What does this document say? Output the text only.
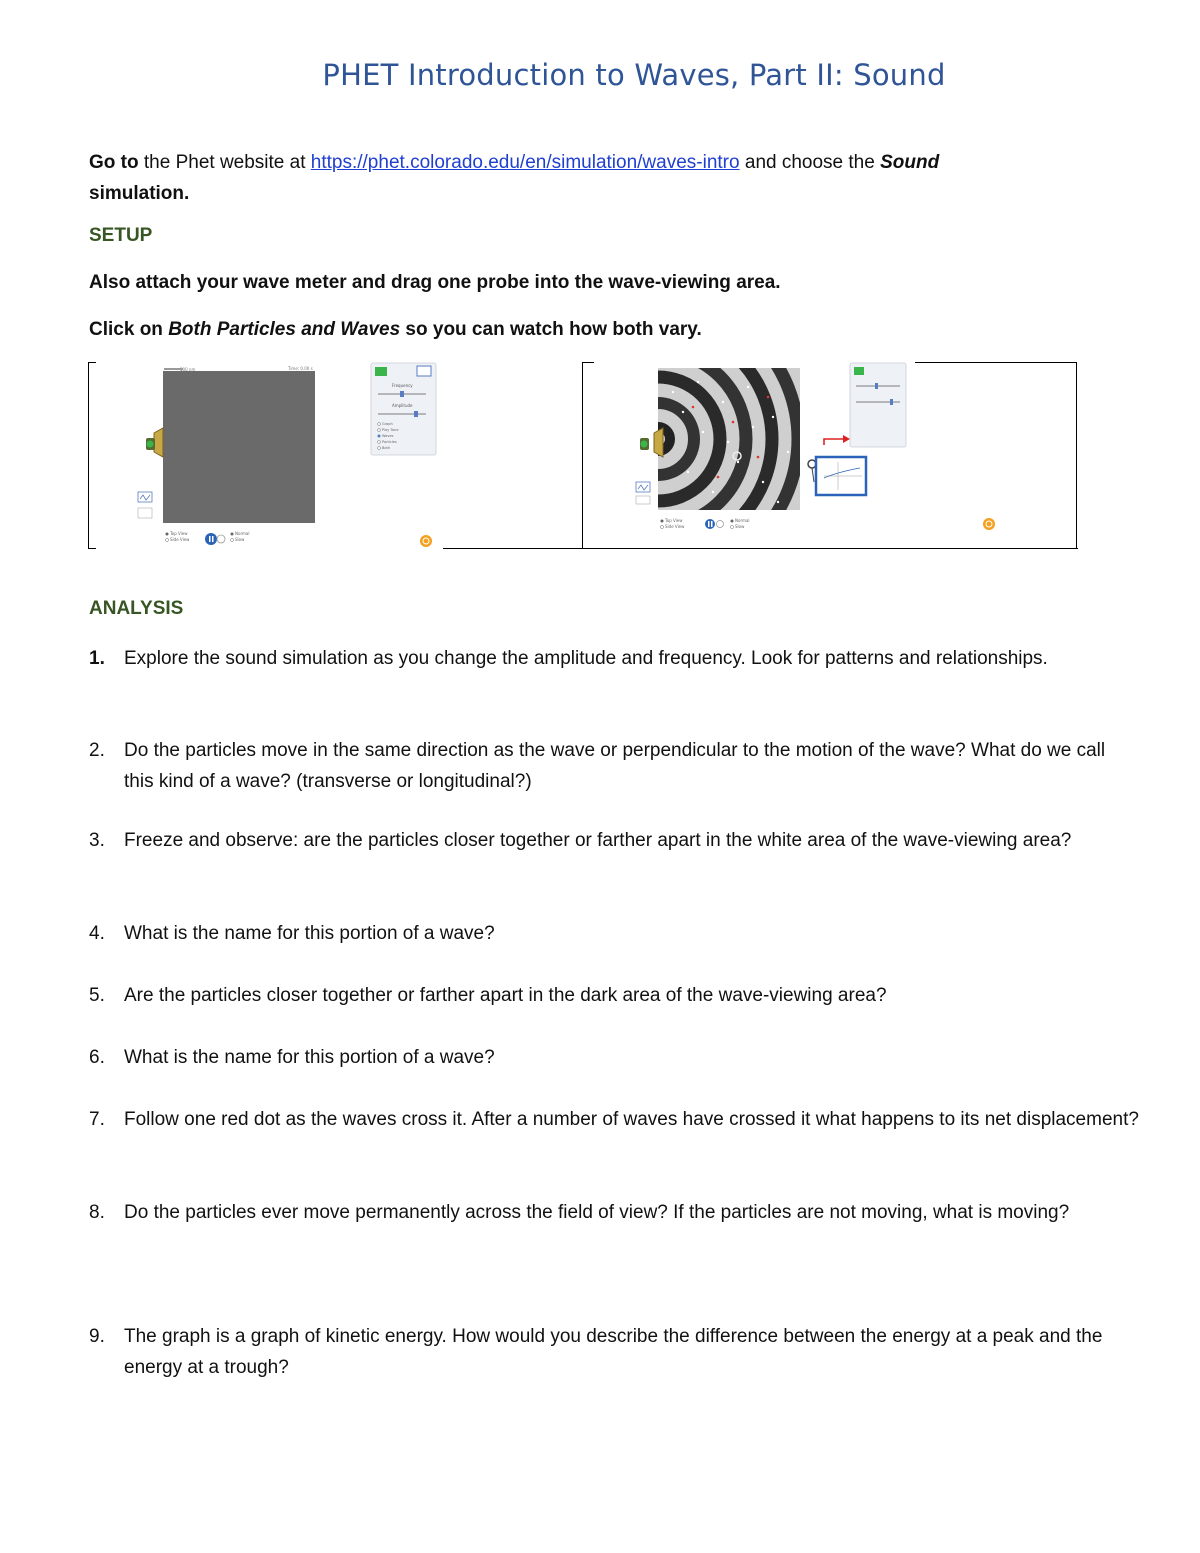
PHET Introduction to Waves, Part II: Sound
Go to the Phet website at https://phet.colorado.edu/en/simulation/waves-intro and choose the Sound
simulation.
SETUP
Also attach your wave meter and drag one probe into the wave-viewing area.
Click on Both Particles and Waves so you can watch how both vary.
500 nm	Time: 0.00 s
Frequency
Amplitude
Graph
Play Tone
Waves
Particles
Both
Top View
Side View
Normal
Slow
Top View
Side View
Normal
Slow
ANALYSIS
1.	Explore the sound simulation as you change the amplitude and frequency. Look for patterns and relationships.
2.	Do the particles move in the same direction as the wave or perpendicular to the motion of the wave? What do we call this kind of a wave? (transverse or longitudinal?)
3.	Freeze and observe: are the particles closer together or farther apart in the white area of the wave-viewing area?
4.	What is the name for this portion of a wave?
5.	Are the particles closer together or farther apart in the dark area of the wave-viewing area?
6.	What is the name for this portion of a wave?
7.	Follow one red dot as the waves cross it. After a number of waves have crossed it what happens to its net displacement?
8.	Do the particles ever move permanently across the field of view? If the particles are not moving, what is moving?
9.	The graph is a graph of kinetic energy. How would you describe the difference between the energy at a peak and the energy at a trough?
